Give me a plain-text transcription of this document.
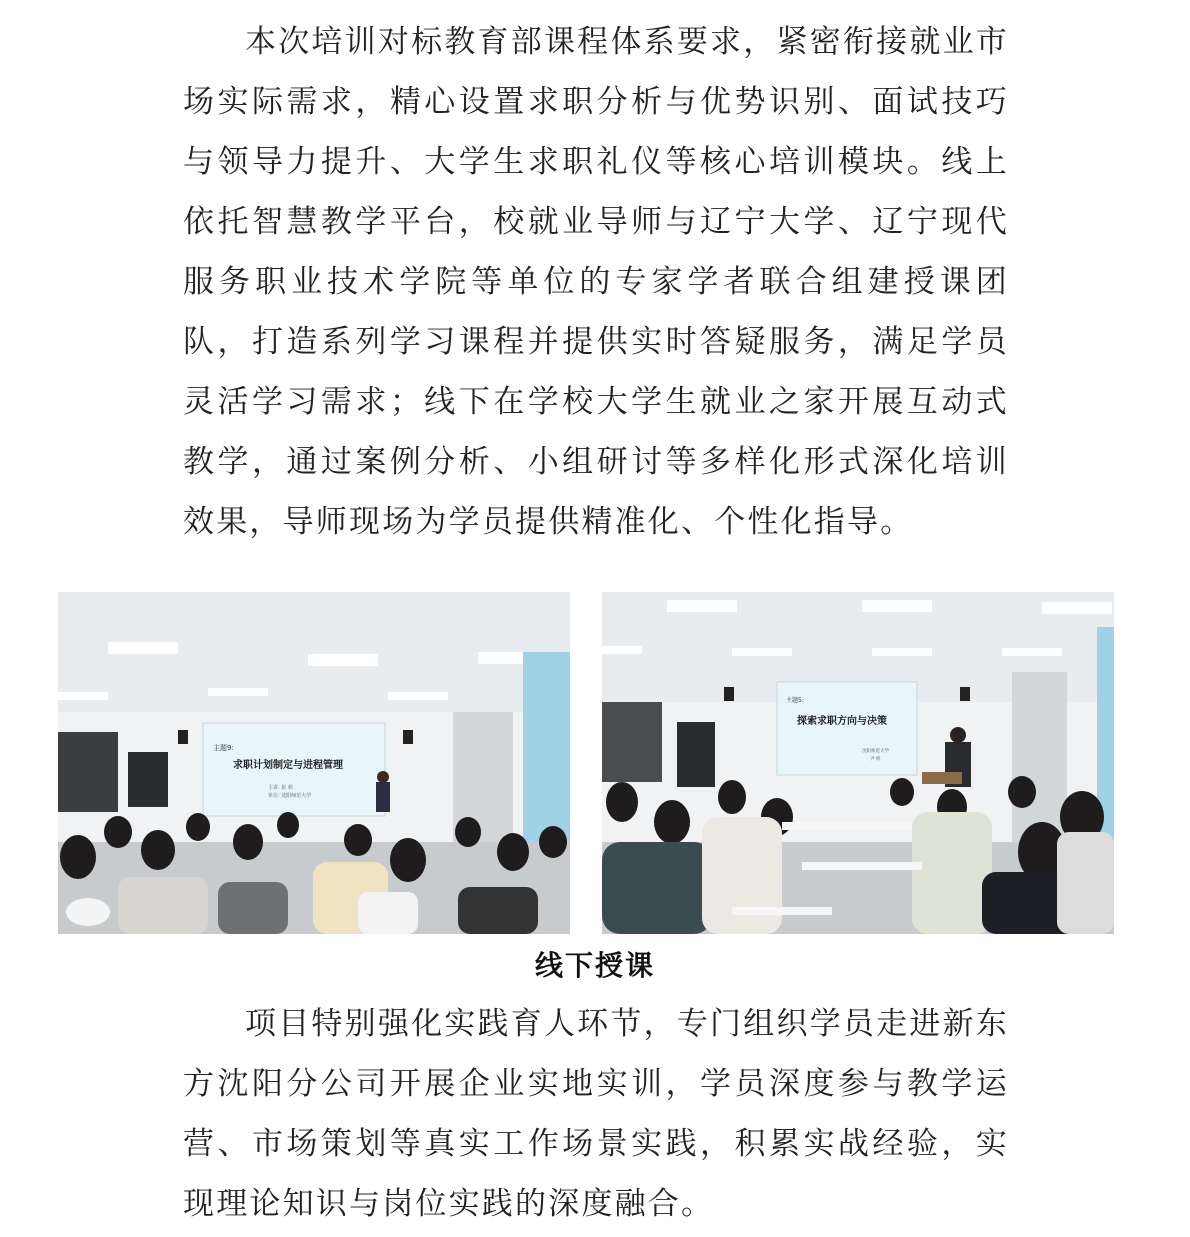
本次培训对标教育部课程体系要求，紧密衔接就业市场实际需求，精心设置求职分析与优势识别、面试技巧与领导力提升、大学生求职礼仪等核心培训模块。线上依托智慧教学平台，校就业导师与辽宁大学、辽宁现代服务职业技术学院等单位的专家学者联合组建授课团队，打造系列学习课程并提供实时答疑服务，满足学员灵活学习需求；线下在学校大学生就业之家开展互动式教学，通过案例分析、小组研讨等多样化形式深化培训效果，导师现场为学员提供精准化、个性化指导。

主题9:
求职计划制定与进程管理
主讲: 崔 莉
单位: 沈阳师范大学
主题5:
探索求职方向与决策
沈阳师范大学
尹 娇
线下授课

项目特别强化实践育人环节，专门组织学员走进新东方沈阳分公司开展企业实地实训，学员深度参与教学运营、市场策划等真实工作场景实践，积累实战经验，实现理论知识与岗位实践的深度融合。
